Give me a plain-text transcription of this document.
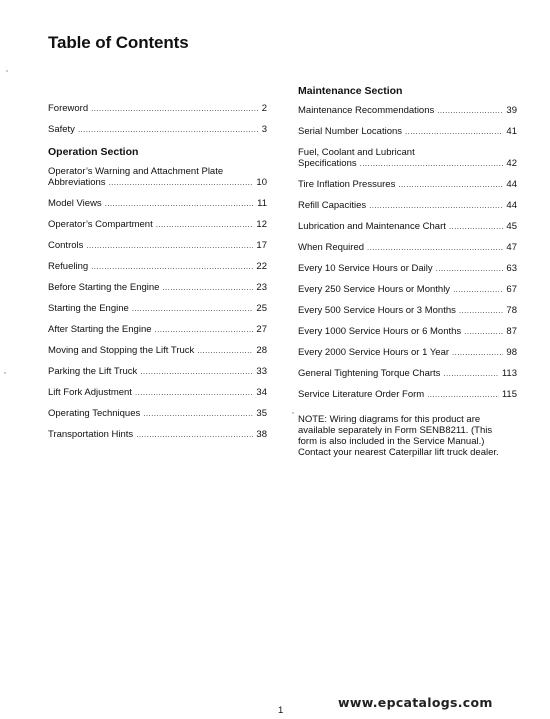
Table of Contents
Foreword .....	2
Safety .....	3
Operation Section
Operator’s Warning and Attachment Plate
Abbreviations .....	10
Model Views .....	11
Operator’s Compartment .....	12
Controls .....	17
Refueling .....	22
Before Starting the Engine .....	23
Starting the Engine .....	25
After Starting the Engine .....	27
Moving and Stopping the Lift Truck .....	28
Parking the Lift Truck .....	33
Lift Fork Adjustment .....	34
Operating Techniques .....	35
Transportation Hints .....	38
Maintenance Section
Maintenance Recommendations .....	39
Serial Number Locations .....	41
Fuel, Coolant and Lubricant
Specifications .....	42
Tire Inflation Pressures .....	44
Refill Capacities .....	44
Lubrication and Maintenance Chart .....	45
When Required .....	47
Every 10 Service Hours or Daily .....	63
Every 250 Service Hours or Monthly .....	67
Every 500 Service Hours or 3 Months .....	78
Every 1000 Service Hours or 6 Months .....	87
Every 2000 Service Hours or 1 Year .....	98
General Tightening Torque Charts .....	113
Service Literature Order Form .....	115
NOTE: Wiring diagrams for this product are available separately in Form SENB8211. (This form is also included in the Service Manual.) Contact your nearest Caterpillar lift truck dealer.
1
www.epcatalogs.com
